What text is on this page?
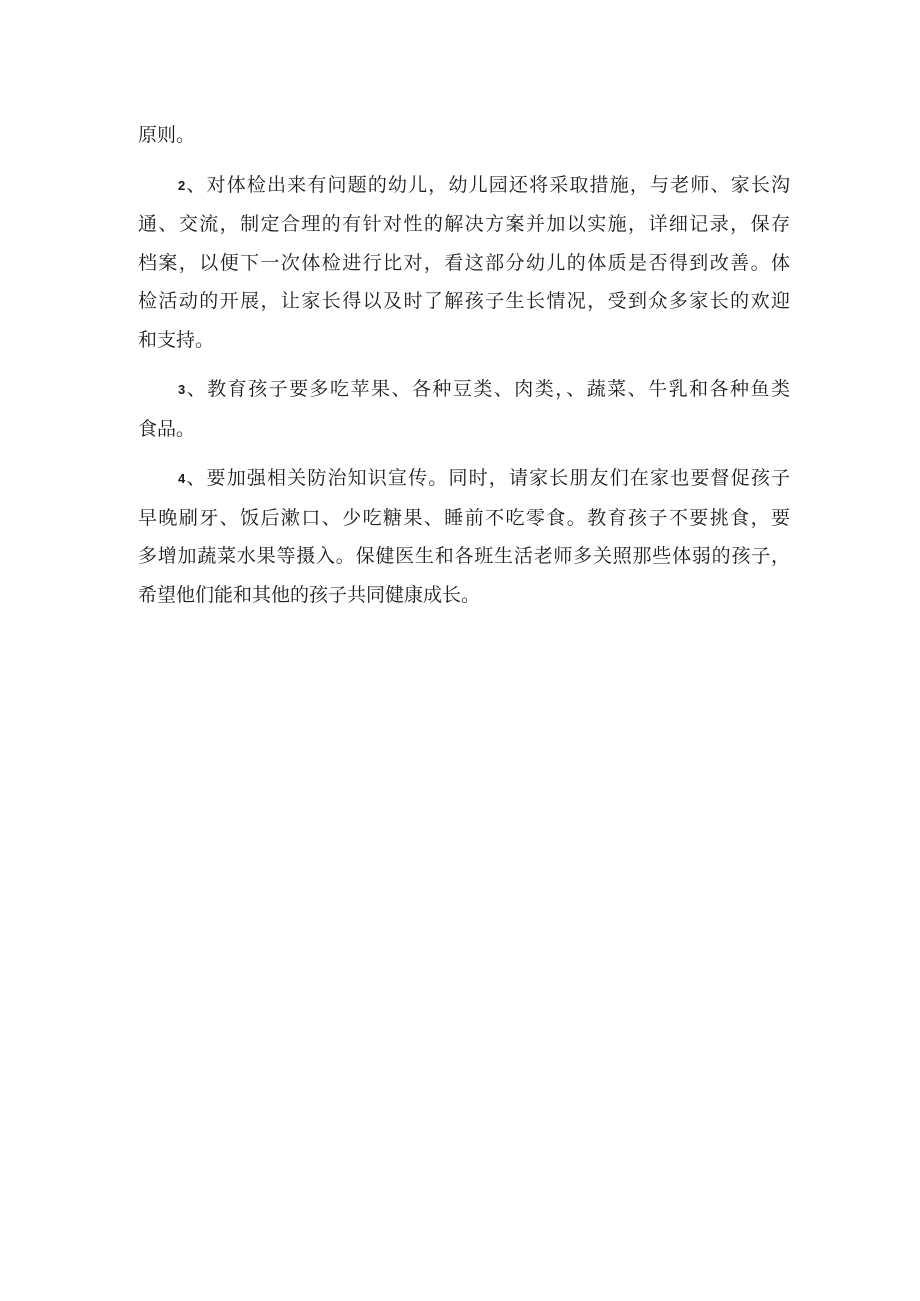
原则。

2、对体检出来有问题的幼儿，幼儿园还将采取措施，与老师、家长沟
通、交流，制定合理的有针对性的解决方案并加以实施，详细记录，保存
档案，以便下一次体检进行比对，看这部分幼儿的体质是否得到改善。体
检活动的开展，让家长得以及时了解孩子生长情况，受到众多家长的欢迎
和支持。

3、教育孩子要多吃苹果、各种豆类、肉类，、蔬菜、牛乳和各种鱼类
食品。

4、要加强相关防治知识宣传。同时，请家长朋友们在家也要督促孩子
早晚刷牙、饭后漱口、少吃糖果、睡前不吃零食。教育孩子不要挑食，要
多增加蔬菜水果等摄入。保健医生和各班生活老师多关照那些体弱的孩子，
希望他们能和其他的孩子共同健康成长。
